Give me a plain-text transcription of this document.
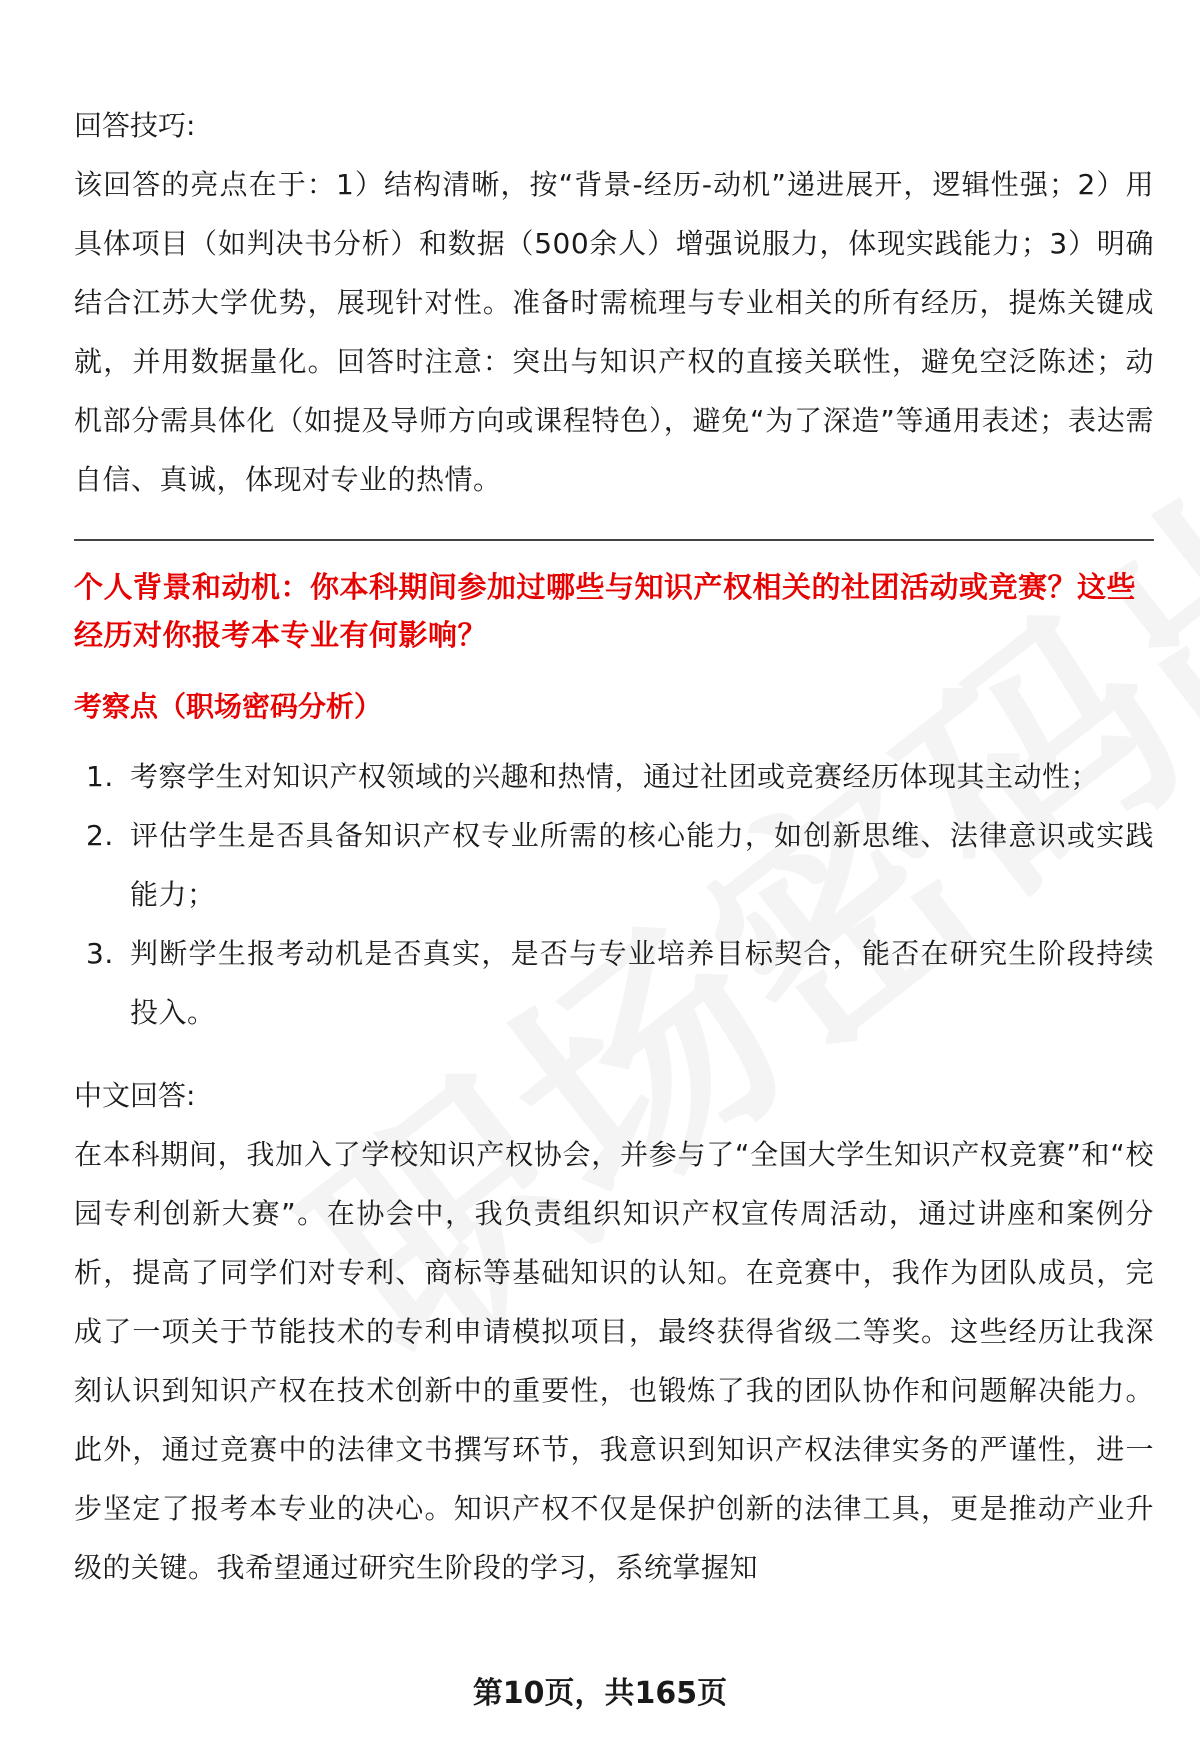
回答技巧:

该回答的亮点在于：1）结构清晰，按“背景-经历-动机”递进展开，逻辑性强；2）用具体项目（如判决书分析）和数据（500余人）增强说服力，体现实践能力；3）明确结合江苏大学优势，展现针对性。准备时需梳理与专业相关的所有经历，提炼关键成就，并用数据量化。回答时注意：突出与知识产权的直接关联性，避免空泛陈述；动机部分需具体化（如提及导师方向或课程特色），避免“为了深造”等通用表述；表达需自信、真诚，体现对专业的热情。

个人背景和动机：你本科期间参加过哪些与知识产权相关的社团活动或竞赛？这些经历对你报考本专业有何影响？

考察点（职场密码分析）

1. 考察学生对知识产权领域的兴趣和热情，通过社团或竞赛经历体现其主动性；
2. 评估学生是否具备知识产权专业所需的核心能力，如创新思维、法律意识或实践能力；
3. 判断学生报考动机是否真实，是否与专业培养目标契合，能否在研究生阶段持续投入。

中文回答:

在本科期间，我加入了学校知识产权协会，并参与了“全国大学生知识产权竞赛”和“校园专利创新大赛”。在协会中，我负责组织知识产权宣传周活动，通过讲座和案例分析，提高了同学们对专利、商标等基础知识的认知。在竞赛中，我作为团队成员，完成了一项关于节能技术的专利申请模拟项目，最终获得省级二等奖。这些经历让我深刻认识到知识产权在技术创新中的重要性，也锻炼了我的团队协作和问题解决能力。此外，通过竞赛中的法律文书撰写环节，我意识到知识产权法律实务的严谨性，进一步坚定了报考本专业的决心。知识产权不仅是保护创新的法律工具，更是推动产业升级的关键。我希望通过研究生阶段的学习，系统掌握知

第10页，共165页
